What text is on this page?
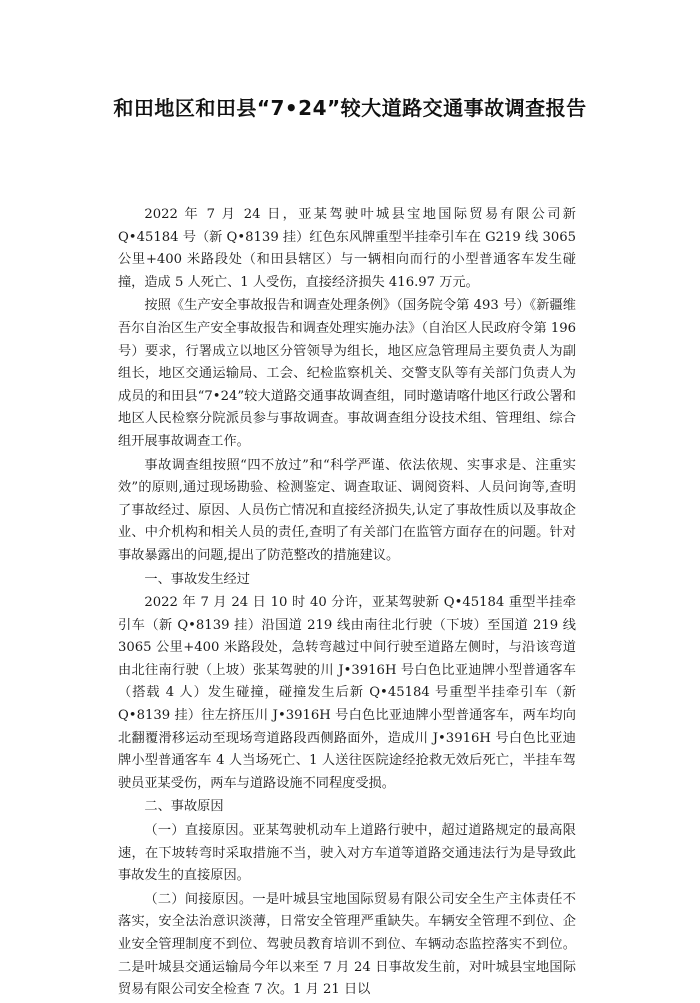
和田地区和田县“7•24”较大道路交通事故调查报告

2022 年 7 月 24 日，亚某驾驶叶城县宝地国际贸易有限公司新 Q•45184 号（新 Q•8139 挂）红色东风牌重型半挂牵引车在 G219 线 3065 公里+400 米路段处（和田县辖区）与一辆相向而行的小型普通客车发生碰撞，造成 5 人死亡、1 人受伤，直接经济损失 416.97 万元。

按照《生产安全事故报告和调查处理条例》（国务院令第 493 号）《新疆维吾尔自治区生产安全事故报告和调查处理实施办法》（自治区人民政府令第 196 号）要求，行署成立以地区分管领导为组长，地区应急管理局主要负责人为副组长，地区交通运输局、工会、纪检监察机关、交警支队等有关部门负责人为成员的和田县“7•24”较大道路交通事故调查组，同时邀请喀什地区行政公署和地区人民检察分院派员参与事故调查。事故调查组分设技术组、管理组、综合组开展事故调查工作。

事故调查组按照“四不放过”和“科学严谨、依法依规、实事求是、注重实效”的原则,通过现场勘验、检测鉴定、调查取证、调阅资料、人员问询等,查明了事故经过、原因、人员伤亡情况和直接经济损失,认定了事故性质以及事故企业、中介机构和相关人员的责任,查明了有关部门在监管方面存在的问题。针对事故暴露出的问题,提出了防范整改的措施建议。

一、事故发生经过

2022 年 7 月 24 日 10 时 40 分许，亚某驾驶新 Q•45184 重型半挂牵引车（新 Q•8139 挂）沿国道 219 线由南往北行驶（下坡）至国道 219 线 3065 公里+400 米路段处，急转弯越过中间行驶至道路左侧时，与沿该弯道由北往南行驶（上坡）张某驾驶的川 J•3916H 号白色比亚迪牌小型普通客车（搭载 4 人）发生碰撞，碰撞发生后新 Q•45184 号重型半挂牵引车（新 Q•8139 挂）往左挤压川 J•3916H 号白色比亚迪牌小型普通客车，两车均向北翻覆滑移运动至现场弯道路段西侧路面外，造成川 J•3916H 号白色比亚迪牌小型普通客车 4 人当场死亡、1 人送往医院途经抢救无效后死亡，半挂车驾驶员亚某受伤，两车与道路设施不同程度受损。

二、事故原因

（一）直接原因。亚某驾驶机动车上道路行驶中，超过道路规定的最高限速，在下坡转弯时采取措施不当，驶入对方车道等道路交通违法行为是导致此事故发生的直接原因。

（二）间接原因。一是叶城县宝地国际贸易有限公司安全生产主体责任不落实，安全法治意识淡薄，日常安全管理严重缺失。车辆安全管理不到位、企业安全管理制度不到位、驾驶员教育培训不到位、车辆动态监控落实不到位。二是叶城县交通运输局今年以来至 7 月 24 日事故发生前，对叶城县宝地国际贸易有限公司安全检查 7 次。1 月 21 日以
